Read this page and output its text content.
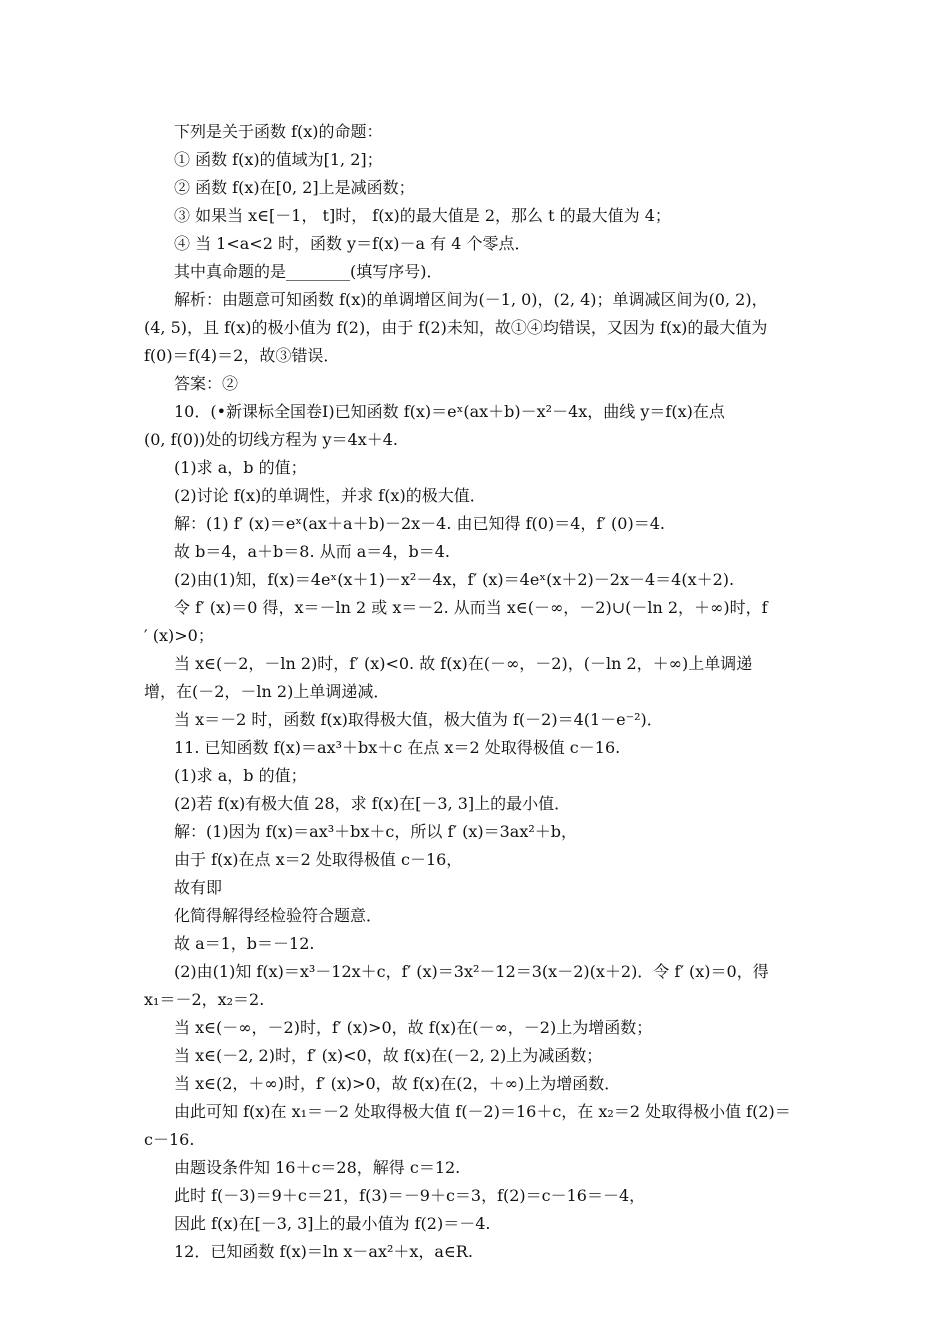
下列是关于函数 f(x)的命题：
① 函数 f(x)的值域为[1, 2]；
② 函数 f(x)在[0, 2]上是减函数；
③ 如果当 x∈[－1， t]时， f(x)的最大值是 2，那么 t 的最大值为 4；
④ 当 1<a<2 时，函数 y＝f(x)－a 有 4 个零点．
其中真命题的是________(填写序号)．
解析：由题意可知函数 f(x)的单调增区间为(－1, 0)，(2, 4)；单调减区间为(0, 2)，
(4, 5)，且 f(x)的极小值为 f(2)，由于 f(2)未知，故①④均错误，又因为 f(x)的最大值为
f(0)＝f(4)＝2，故③错误．
答案：②
10．(•新课标全国卷Ⅰ)已知函数 f(x)＝eˣ(ax＋b)－x²－4x，曲线 y＝f(x)在点
(0, f(0))处的切线方程为 y＝4x＋4.
(1)求 a，b 的值；
(2)讨论 f(x)的单调性，并求 f(x)的极大值．
解：(1) f′ (x)＝eˣ(ax＋a＋b)－2x－4. 由已知得 f(0)＝4，f′ (0)＝4.
故 b＝4，a＋b＝8. 从而 a＝4，b＝4.
(2)由(1)知，f(x)＝4eˣ(x＋1)－x²－4x，f′ (x)＝4eˣ(x＋2)－2x－4＝4(x＋2).
令 f′ (x)＝0 得，x＝－ln 2 或 x＝－2. 从而当 x∈(－∞，－2)∪(－ln 2，＋∞)时，f
′ (x)>0；
当 x∈(－2，－ln 2)时，f′ (x)<0. 故 f(x)在(－∞，－2)，(－ln 2，＋∞)上单调递
增，在(－2，－ln 2)上单调递减．
当 x＝－2 时，函数 f(x)取得极大值，极大值为 f(－2)＝4(1－e⁻²)．
11. 已知函数 f(x)＝ax³＋bx＋c 在点 x＝2 处取得极值 c－16.
(1)求 a，b 的值；
(2)若 f(x)有极大值 28，求 f(x)在[－3, 3]上的最小值．
解：(1)因为 f(x)＝ax³＋bx＋c，所以 f′ (x)＝3ax²＋b，
由于 f(x)在点 x＝2 处取得极值 c－16，
故有即
化简得解得经检验符合题意．
故 a＝1，b＝－12.
(2)由(1)知 f(x)＝x³－12x＋c，f′ (x)＝3x²－12＝3(x－2)(x＋2)．令 f′ (x)＝0，得
x₁＝－2，x₂＝2.
当 x∈(－∞，－2)时，f′ (x)>0，故 f(x)在(－∞，－2)上为增函数；
当 x∈(－2, 2)时，f′ (x)<0，故 f(x)在(－2, 2)上为减函数；
当 x∈(2，＋∞)时，f′ (x)>0，故 f(x)在(2，＋∞)上为增函数．
由此可知 f(x)在 x₁＝－2 处取得极大值 f(－2)＝16＋c，在 x₂＝2 处取得极小值 f(2)＝
c－16.
由题设条件知 16＋c＝28，解得 c＝12.
此时 f(－3)＝9＋c＝21，f(3)＝－9＋c＝3，f(2)＝c－16＝－4，
因此 f(x)在[－3, 3]上的最小值为 f(2)＝－4.
12．已知函数 f(x)＝ln x－ax²＋x，a∈R.
